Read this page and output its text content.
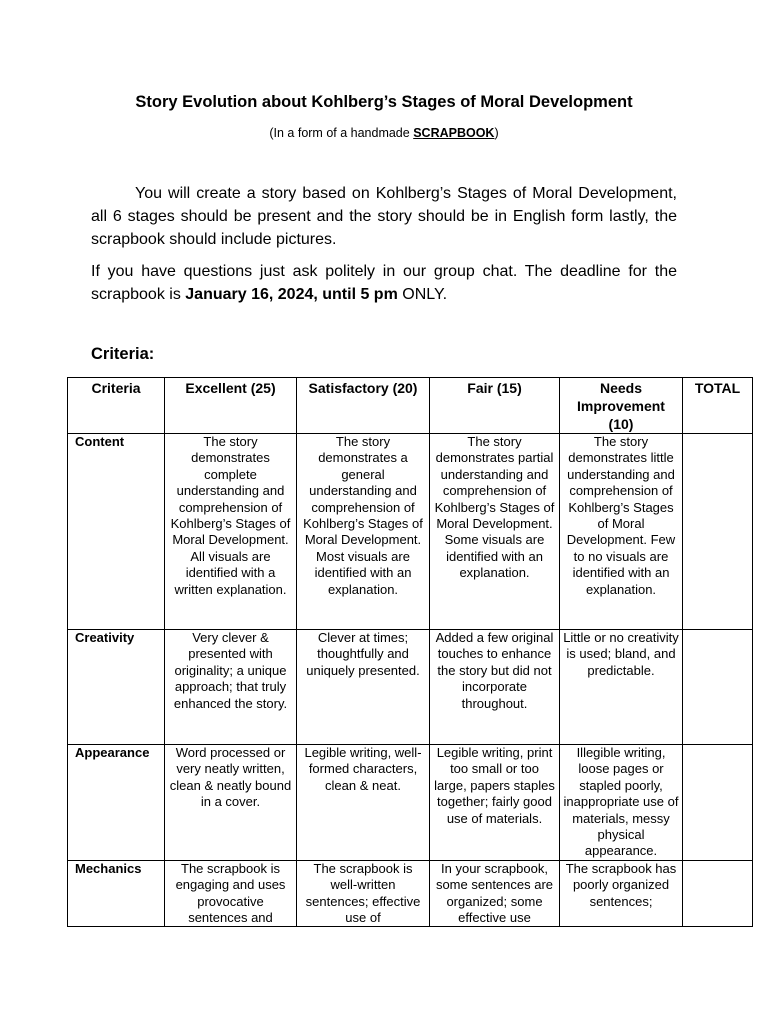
Story Evolution about Kohlberg’s Stages of Moral Development
(In a form of a handmade SCRAPBOOK)
You will create a story based on Kohlberg’s Stages of Moral Development, all 6 stages should be present and the story should be in English form lastly, the scrapbook should include pictures.
If you have questions just ask politely in our group chat. The deadline for the scrapbook is January 16, 2024, until 5 pm ONLY.
Criteria:
Criteria	Excellent (25)	Satisfactory (20)	Fair (15)	Needs Improvement (10)	TOTAL
Content	The story demonstrates complete understanding and comprehension of Kohlberg’s Stages of Moral Development. All visuals are identified with a written explanation.	The story demonstrates a general understanding and comprehension of Kohlberg’s Stages of Moral Development. Most visuals are identified with an explanation.	The story demonstrates partial understanding and comprehension of Kohlberg’s Stages of Moral Development. Some visuals are identified with an explanation.	The story demonstrates little understanding and comprehension of Kohlberg’s Stages of Moral Development. Few to no visuals are identified with an explanation.	
Creativity	Very clever & presented with originality; a unique approach; that truly enhanced the story.	Clever at times; thoughtfully and uniquely presented.	Added a few original touches to enhance the story but did not incorporate throughout.	Little or no creativity is used; bland, and predictable.	
Appearance	Word processed or very neatly written, clean & neatly bound in a cover.	Legible writing, well-formed characters, clean & neat.	Legible writing, print too small or too large, papers staples together; fairly good use of materials.	Illegible writing, loose pages or stapled poorly, inappropriate use of materials, messy physical appearance.	
Mechanics	The scrapbook is engaging and uses provocative sentences and	The scrapbook is well-written sentences; effective use of	In your scrapbook, some sentences are organized; some effective use	The scrapbook has poorly organized sentences;	
